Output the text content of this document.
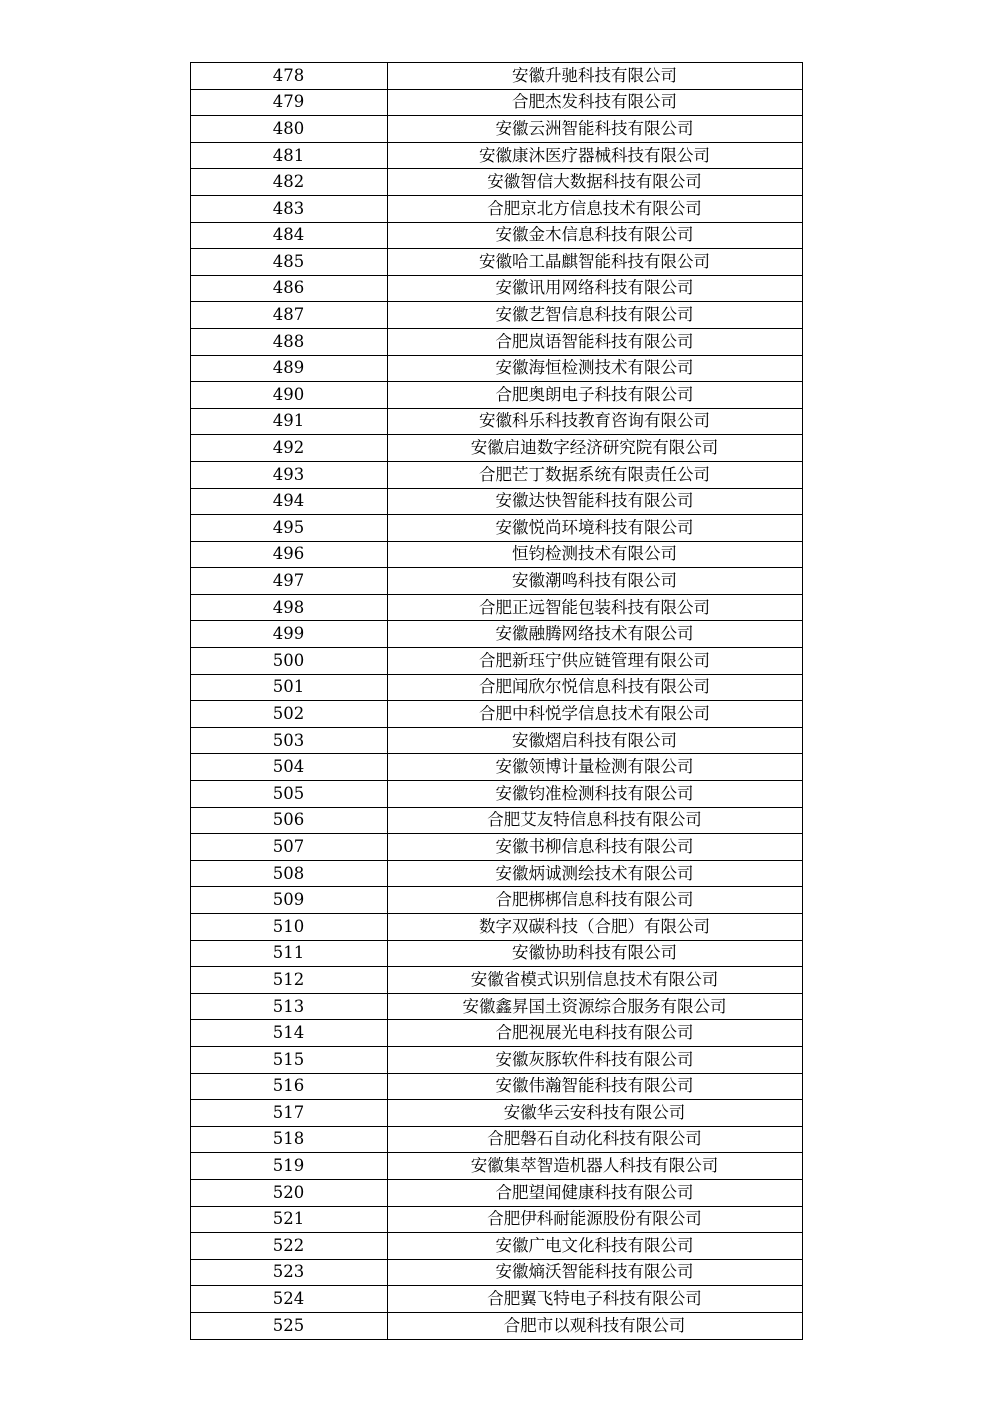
478	安徽升驰科技有限公司
479	合肥杰发科技有限公司
480	安徽云洲智能科技有限公司
481	安徽康沐医疗器械科技有限公司
482	安徽智信大数据科技有限公司
483	合肥京北方信息技术有限公司
484	安徽金木信息科技有限公司
485	安徽哈工晶麒智能科技有限公司
486	安徽讯用网络科技有限公司
487	安徽艺智信息科技有限公司
488	合肥岚语智能科技有限公司
489	安徽海恒检测技术有限公司
490	合肥奥朗电子科技有限公司
491	安徽科乐科技教育咨询有限公司
492	安徽启迪数字经济研究院有限公司
493	合肥芒丁数据系统有限责任公司
494	安徽达快智能科技有限公司
495	安徽悦尚环境科技有限公司
496	恒钧检测技术有限公司
497	安徽潮鸣科技有限公司
498	合肥正远智能包装科技有限公司
499	安徽融腾网络技术有限公司
500	合肥新珏宁供应链管理有限公司
501	合肥闻欣尔悦信息科技有限公司
502	合肥中科悦学信息技术有限公司
503	安徽熠启科技有限公司
504	安徽领博计量检测有限公司
505	安徽钧准检测科技有限公司
506	合肥艾友特信息科技有限公司
507	安徽书柳信息科技有限公司
508	安徽炳诚测绘技术有限公司
509	合肥梆梆信息科技有限公司
510	数字双碳科技（合肥）有限公司
511	安徽协助科技有限公司
512	安徽省模式识别信息技术有限公司
513	安徽鑫昇国土资源综合服务有限公司
514	合肥视展光电科技有限公司
515	安徽灰豚软件科技有限公司
516	安徽伟瀚智能科技有限公司
517	安徽华云安科技有限公司
518	合肥磐石自动化科技有限公司
519	安徽集萃智造机器人科技有限公司
520	合肥望闻健康科技有限公司
521	合肥伊科耐能源股份有限公司
522	安徽广电文化科技有限公司
523	安徽熵沃智能科技有限公司
524	合肥翼飞特电子科技有限公司
525	合肥市以观科技有限公司
